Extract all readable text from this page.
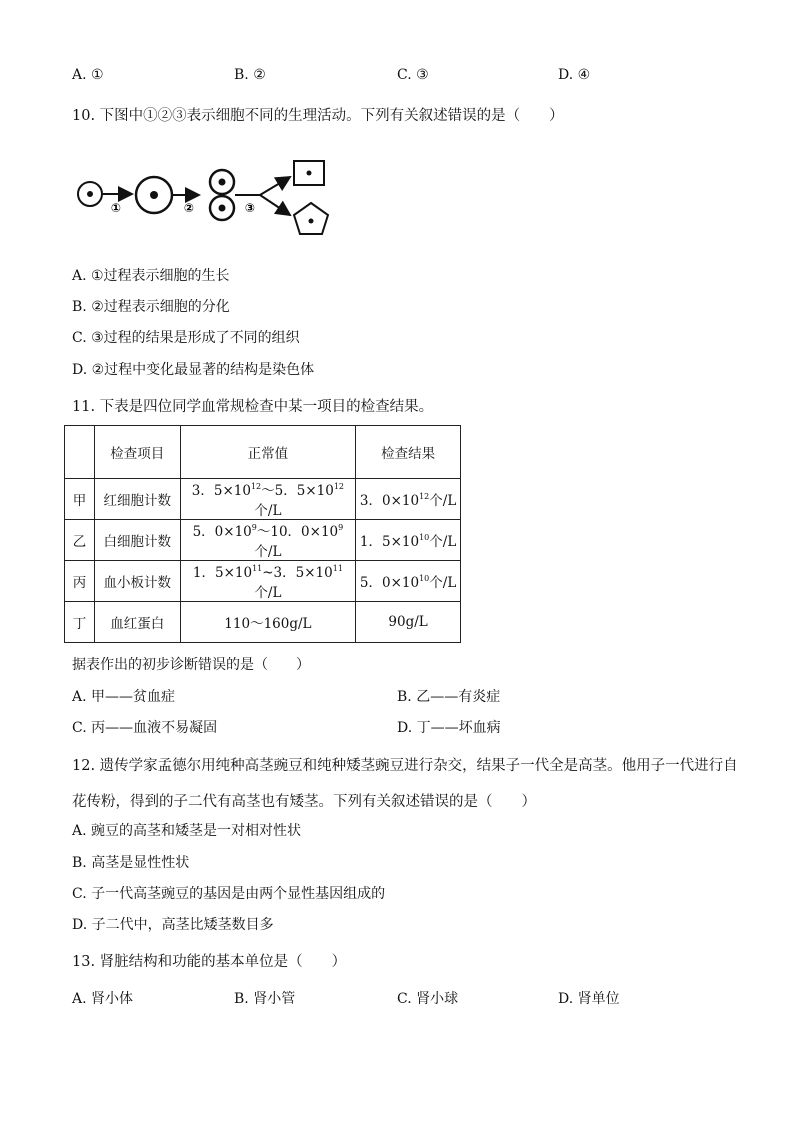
A. ①	B. ②	C. ③	D. ④
10. 下图中①②③表示细胞不同的生理活动。下列有关叙述错误的是（　　）
①	②	③
A. ①过程表示细胞的生长
B. ②过程表示细胞的分化
C. ③过程的结果是形成了不同的组织
D. ②过程中变化最显著的结构是染色体
11. 下表是四位同学血常规检查中某一项目的检查结果。
	检查项目	正常值	检查结果
甲	红细胞计数	3．$5\times 10^{12}\sim 5$．$5\times 10^{12}$个/L	3．$0\times 10^{12}$个/L
乙	白细胞计数	5．$0\times 10^9\sim 10$．$0\times 10^9$个/L	1．$5\times 10^{10}$个/L
丙	血小板计数	1．$5\times 10^{11}\sim 3$．$5\times 10^{11}$个/L	5．$0\times 10^{10}$个/L
丁	血红蛋白	110～160g/L	90g/L
据表作出的初步诊断错误的是（　　）
A. 甲——贫血症	B. 乙——有炎症
C. 丙——血液不易凝固	D. 丁——坏血病
12. 遗传学家孟德尔用纯种高茎豌豆和纯种矮茎豌豆进行杂交，结果子一代全是高茎。他用子一代进行自
花传粉，得到的子二代有高茎也有矮茎。下列有关叙述错误的是（　　）
A. 豌豆的高茎和矮茎是一对相对性状
B. 高茎是显性性状
C. 子一代高茎豌豆的基因是由两个显性基因组成的
D. 子二代中，高茎比矮茎数目多
13. 肾脏结构和功能的基本单位是（　　）
A. 肾小体	B. 肾小管	C. 肾小球	D. 肾单位
